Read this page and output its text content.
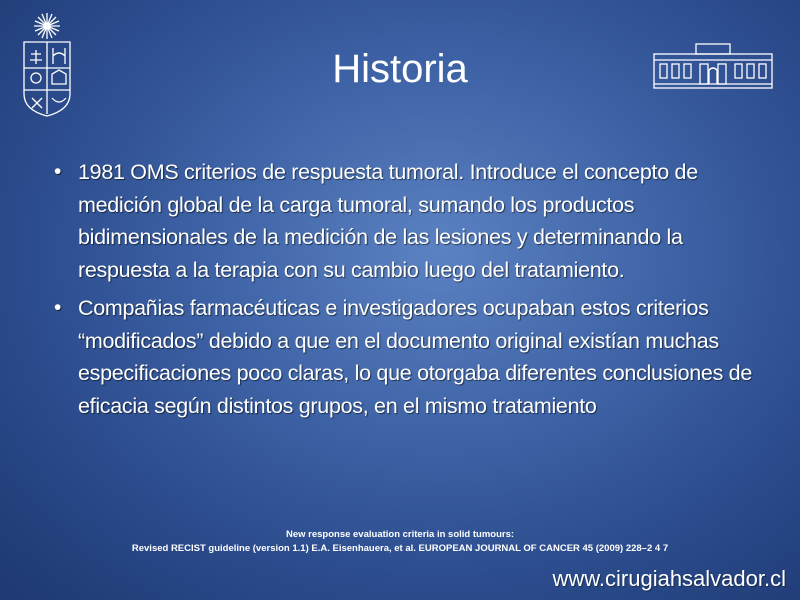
Historia
• 1981 OMS criterios de respuesta tumoral. Introduce el concepto de medición global de la carga tumoral, sumando los productos bidimensionales de la medición de las lesiones y determinando la respuesta a la terapia con su cambio luego del tratamiento.
• Compañias farmacéuticas e investigadores ocupaban estos criterios “modificados” debido a que en el documento original existían muchas especificaciones poco claras, lo que otorgaba diferentes conclusiones de eficacia según distintos grupos, en el mismo tratamiento
New response evaluation criteria in solid tumours:
Revised RECIST guideline (version 1.1) E.A. Eisenhauera, et al. EUROPEAN JOURNAL OF CANCER 45 (2009) 228–2 4 7
www.cirugiahsalvador.cl
